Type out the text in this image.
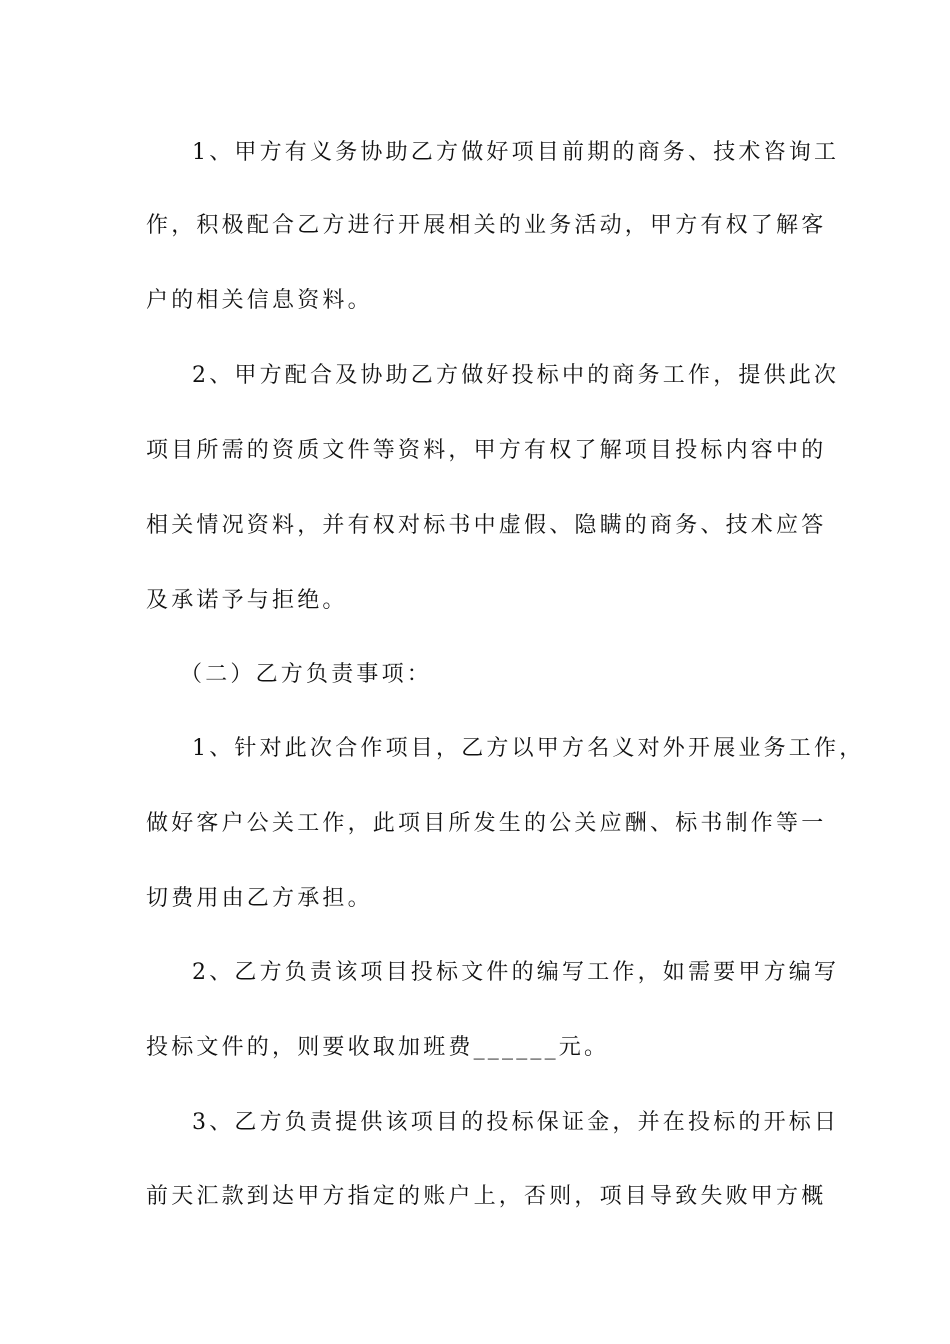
1、甲方有义务协助乙方做好项目前期的商务、技术咨询工
作，积极配合乙方进行开展相关的业务活动，甲方有权了解客
户的相关信息资料。
2、甲方配合及协助乙方做好投标中的商务工作，提供此次
项目所需的资质文件等资料，甲方有权了解项目投标内容中的
相关情况资料，并有权对标书中虚假、隐瞒的商务、技术应答
及承诺予与拒绝。
（二）乙方负责事项：
1、针对此次合作项目，乙方以甲方名义对外开展业务工作，
做好客户公关工作，此项目所发生的公关应酬、标书制作等一
切费用由乙方承担。
2、乙方负责该项目投标文件的编写工作，如需要甲方编写
投标文件的，则要收取加班费______元。
3、乙方负责提供该项目的投标保证金，并在投标的开标日
前天汇款到达甲方指定的账户上，否则，项目导致失败甲方概
